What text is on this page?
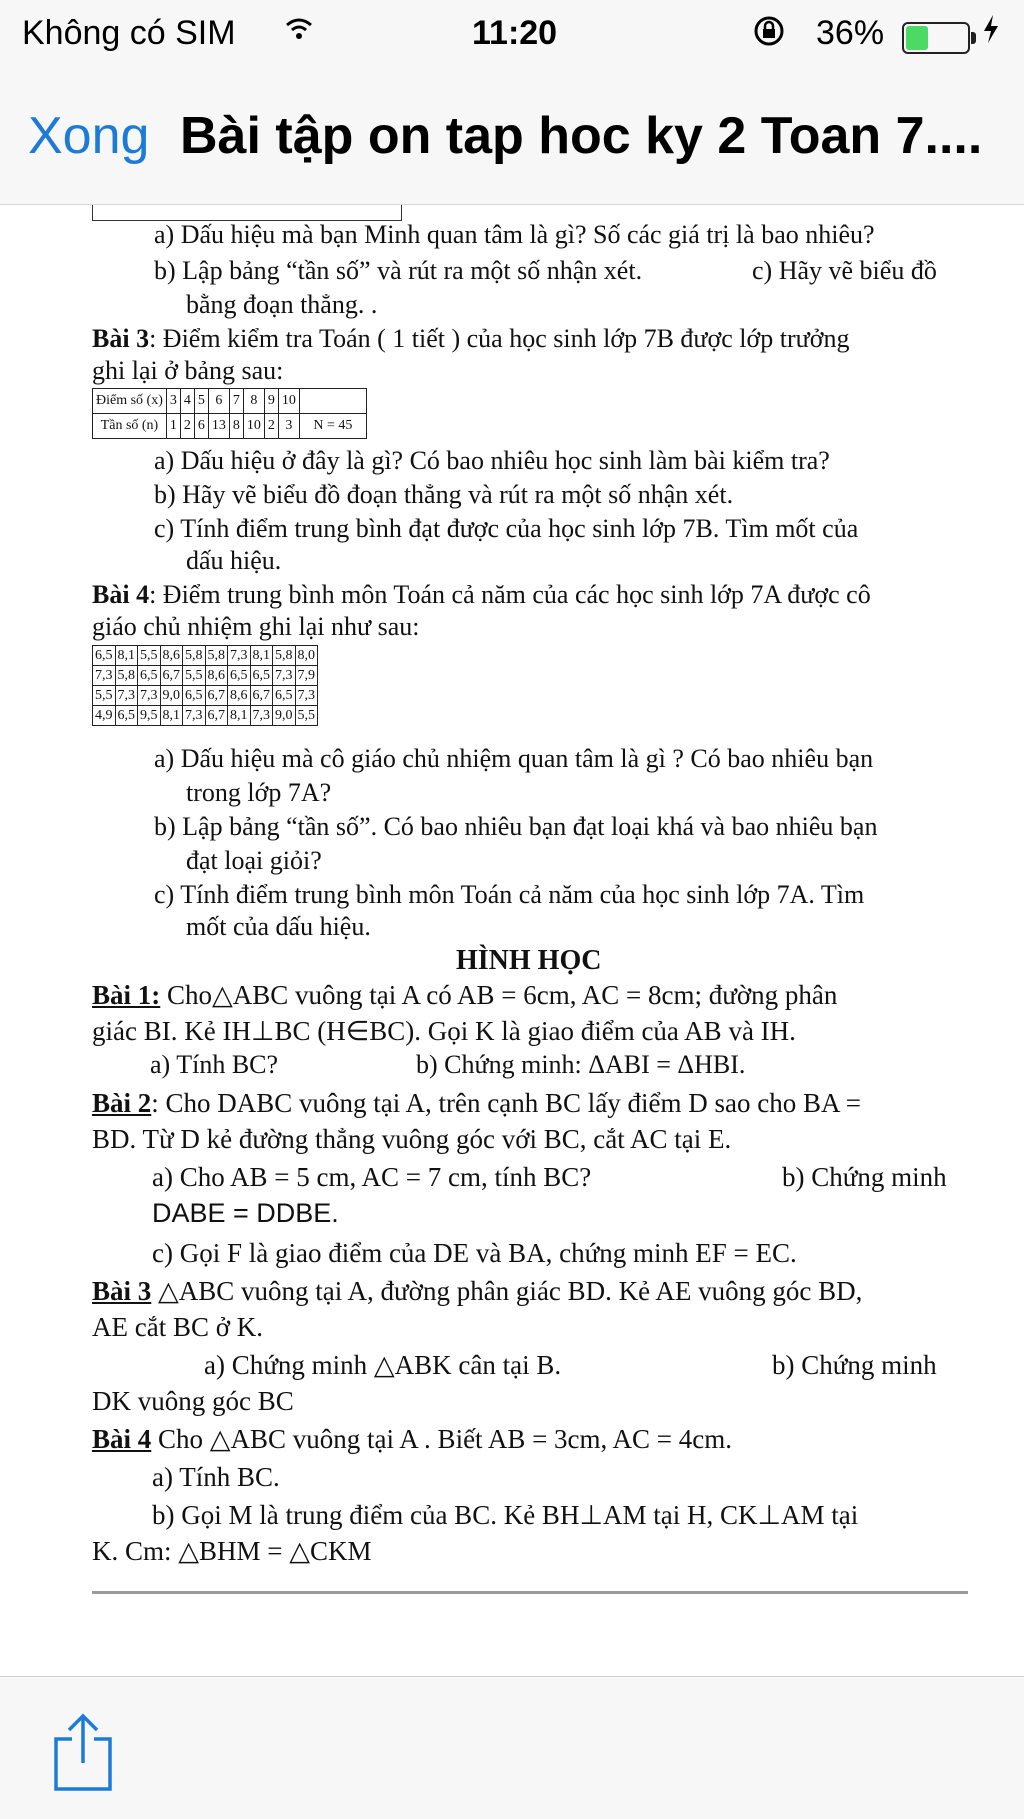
Không có SIM	11:20	36%
Xong Bài tập on tap hoc ky 2 Toan 7....
a) Dấu hiệu mà bạn Minh quan tâm là gì? Số các giá trị là bao nhiêu?
b) Lập bảng “tần số” và rút ra một số nhận xét.	c) Hãy vẽ biểu đồ
bằng đoạn thẳng. .
Bài 3: Điểm kiểm tra Toán ( 1 tiết ) của học sinh lớp 7B được lớp trưởng
ghi lại ở bảng sau:
Điểm số (x)	3	4	5	6	7	8	9	10	
Tần số (n)	1	2	6	13	8	10	2	3	N = 45
a) Dấu hiệu ở đây là gì? Có bao nhiêu học sinh làm bài kiểm tra?
b) Hãy vẽ biểu đồ đoạn thẳng và rút ra một số nhận xét.
c) Tính điểm trung bình đạt được của học sinh lớp 7B. Tìm mốt của
dấu hiệu.
Bài 4: Điểm trung bình môn Toán cả năm của các học sinh lớp 7A được cô
giáo chủ nhiệm ghi lại như sau:
6,5	8,1	5,5	8,6	5,8	5,8	7,3	8,1	5,8	8,0
7,3	5,8	6,5	6,7	5,5	8,6	6,5	6,5	7,3	7,9
5,5	7,3	7,3	9,0	6,5	6,7	8,6	6,7	6,5	7,3
4,9	6,5	9,5	8,1	7,3	6,7	8,1	7,3	9,0	5,5
a) Dấu hiệu mà cô giáo chủ nhiệm quan tâm là gì ? Có bao nhiêu bạn
trong lớp 7A?
b) Lập bảng “tần số”. Có bao nhiêu bạn đạt loại khá và bao nhiêu bạn
đạt loại giỏi?
c) Tính điểm trung bình môn Toán cả năm của học sinh lớp 7A. Tìm
mốt của dấu hiệu.
HÌNH HỌC
Bài 1: Cho△ABC vuông tại A có AB = 6cm, AC = 8cm; đường phân
giác BI. Kẻ IH⊥BC (H∈BC). Gọi K là giao điểm của AB và IH.
a) Tính BC?	b) Chứng minh: ΔABI = ΔHBI.
Bài 2: Cho DABC vuông tại A, trên cạnh BC lấy điểm D sao cho BA =
BD. Từ D kẻ đường thẳng vuông góc với BC, cắt AC tại E.
a) Cho AB = 5 cm, AC = 7 cm, tính BC?	b) Chứng minh
DABE = DDBE.
c) Gọi F là giao điểm của DE và BA, chứng minh EF = EC.
Bài 3 △ABC vuông tại A, đường phân giác BD. Kẻ AE vuông góc BD,
AE cắt BC ở K.
a) Chứng minh △ABK cân tại B.	b) Chứng minh
DK vuông góc BC
Bài 4 Cho △ABC vuông tại A . Biết AB = 3cm, AC = 4cm.
a) Tính BC.
b) Gọi M là trung điểm của BC. Kẻ BH⊥AM tại H, CK⊥AM tại
K. Cm: △BHM = △CKM
